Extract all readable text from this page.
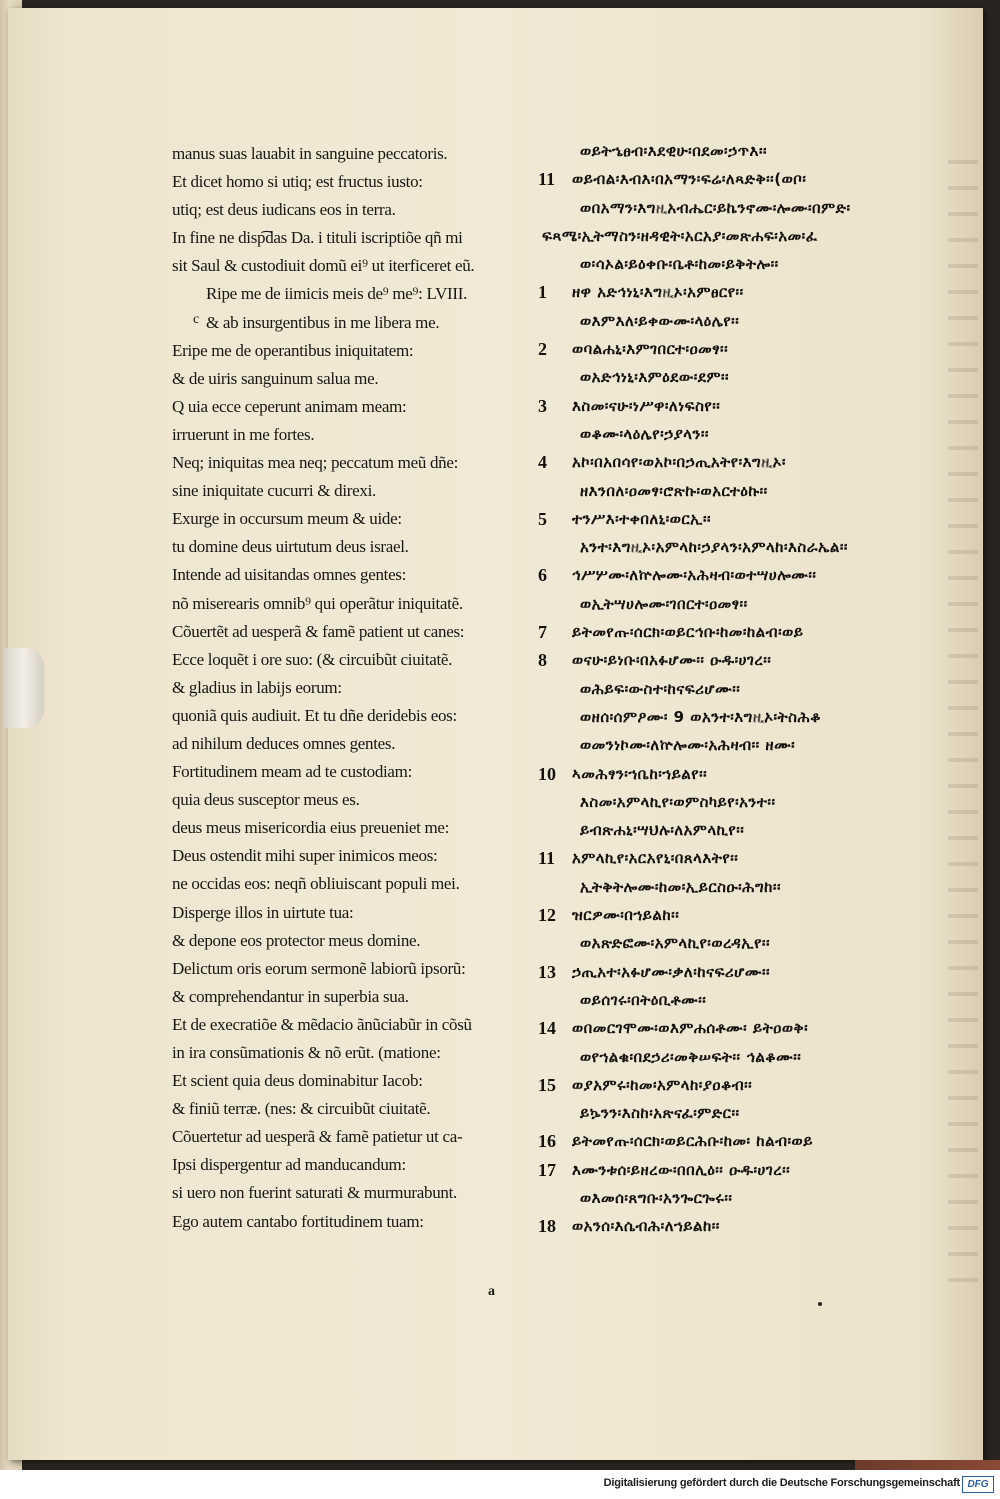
manus suas lauabit in sanguine peccatoris.
Et dicet homo si utiq; est fructus iusto:
utiq; est deus iudicans eos in terra.
In fine ne disp͡das Da. i tituli iscriptiõe qñ mi
sit Saul & custodiuit domũ ei⁹ ut iterficeret eũ.
Ripe me de iimicis meis de⁹ me⁹: LVIII.
& ab insurgentibus in me libera me.
Eripe me de operantibus iniquitatem:
& de uiris sanguinum salua me.
Q uia ecce ceperunt animam meam:
irruerunt in me fortes.
Neq; iniquitas mea neq; peccatum meũ dñe:
sine iniquitate cucurri & direxi.
Exurge in occursum meum & uide:
tu domine deus uirtutum deus israel.
Intende ad uisitandas omnes gentes:
nõ miserearis omnib⁹ qui operãtur iniquitatẽ.
Cõuertẽt ad uesperã & famẽ patient ut canes:
Ecce loquẽt i ore suo: (& circuibũt ciuitatẽ.
& gladius in labijs eorum:
quoniã quis audiuit. Et tu dñe deridebis eos:
ad nihilum deduces omnes gentes.
Fortitudinem meam ad te custodiam:
quia deus susceptor meus es.
deus meus misericordia eius preueniet me:
Deus ostendit mihi super inimicos meos:
ne occidas eos: neqñ obliuiscant populi mei.
Disperge illos in uirtute tua:
& depone eos protector meus domine.
Delictum oris eorum sermonẽ labiorũ ipsorũ:
& comprehendantur in superbia sua.
Et de execratiõe & mẽdacio ãnũciabũr in cõsũ
in ira consũmationis & nõ erũt. (matione:
Et scient quia deus dominabitur Iacob:
& finiũ terræ. (nes: & circuibũt ciuitatẽ.
Cõuertetur ad uesperã & famẽ patietur ut ca-
Ipsi dispergentur ad manducandum:
si uero non fuerint saturati & murmurabunt.
Ego autem cantabo fortitudinem tuam:
c
ወይትኄፀብ፡እደዊሁ፡በደመ፡ኃጥእ፡፡
11	ወይብል፡እብእ፡በአማን፡ፍሬ፡ለጻድቅ፡፡(ወቦ፡
ወበአማን፡እግዚአብሔር፡ይኬንኖሙ፡ሎሙ፡በምድ፡
ፍጻሜ፡ኢትማስን፡ዘዳዊት፡አርአያ፡መጽሐፍ፡አመ፡ፈ
ወ፡ሳኦል፡ይዕቀቡ፡ቤቶ፡ከመ፡ይቅትሎ፡፡
1	ዘዋ አድኅነኒ፡እግዚኦ፡አምፀርየ፡፡
ወእምእለ፡ይቀውሙ፡ላዕሌየ፡፡
2	ወባልሐኒ፡እምገበርተ፡ዐመፃ፡፡
ወአድኅነኒ፡እምዕደው፡ደም፡፡
3	እስመ፡ናሁ፡ነሥዋ፡ለነፍስየ፡፡
ወቆሙ፡ላዕሌየ፡ኃያላን፡፡
4	አኮ፡በአበሳየ፡ወአኮ፡በኃጢአትየ፡እግዚኦ፡
ዘእንበለ፡ዐመፃ፡ሮጽኩ፡ወአርተዕኩ፡፡
5	ተንሥእ፡ተቀበለኒ፡ወርኢ፡፡
አንተ፡እግዚኦ፡አምላከ፡ኃያላን፡አምላከ፡እስራኤል፡፡
6	ኅሥሦሙ፡ለኵሎሙ፡አሕዛብ፡ወተሣሀሎሙ፡፡
ወኢትሣሀሎሙ፡ገበርተ፡ዐመፃ፡፡
7	ይትመየጡ፡ሰርክ፡ወይርኅቡ፡ከመ፡ከልብ፡ወይ
8	ወናሁ፡ይነቡ፡በአፉሆሙ፡፡ ዑዱ፡ሀገረ፡፡
ወሕይፍ፡ውስተ፡ከናፍሪሆሙ፡፡
ወዘሰ፡ሰምዖሙ፡ 9 ወአንተ፡እግዚኦ፡ትስሕቆ
ወመንነኮሙ፡ለኵሎሙ፡አሕዛብ፡፡ ዘሙ፡
10	ኣመሕፃን፡ኀቤከ፡ኀይልየ፡፡
እስመ፡አምላኪየ፡ወምስካይየ፡አንተ፡፡
ይብጽሐኒ፡ሣህሉ፡ለአምላኪየ፡፡
11	አምላኪየ፡አርአየኒ፡በጸላእትየ፡፡
ኢትቅትሎሙ፡ከመ፡ኢይርስዑ፡ሕግከ፡፡
12	ዝርዎሙ፡በኀይልከ፡፡
ወአጽድፎሙ፡አምላኪየ፡ወረዳኢየ፡፡
13	ኃጢአተ፡አፉሆሙ፡ቃለ፡ከናፍሪሆሙ፡፡
ወይሰገሩ፡በትዕቢቶሙ፡፡
14	ወበመርገሞሙ፡ወእምሐሰቶሙ፡ ይትዐወቅ፡
ወየኀልቁ፡በደኃሪ፡መቅሠፍት፡፡ ኅልቆሙ፡፡
15	ወያአምሩ፡ከመ፡አምላከ፡ያዐቆብ፡፡
ይኴንን፡እስከ፡አጽናፈ፡ምድር፡፡
16	ይትመየጡ፡ሰርክ፡ወይርሕቡ፡ከመ፡ ከልብ፡ወይ
17	እሙንቱሰ፡ይዘረው፡በበሊዕ፡፡ ዑዱ፡ሀገረ፡፡
ወእመሰ፡ጸግቡ፡አንጐርጐሩ፡፡
18	ወአንሰ፡እሴብሕ፡ለኀይልከ፡፡
a
Digitalisierung gefördert durch die Deutsche Forschungsgemeinschaft DFG
